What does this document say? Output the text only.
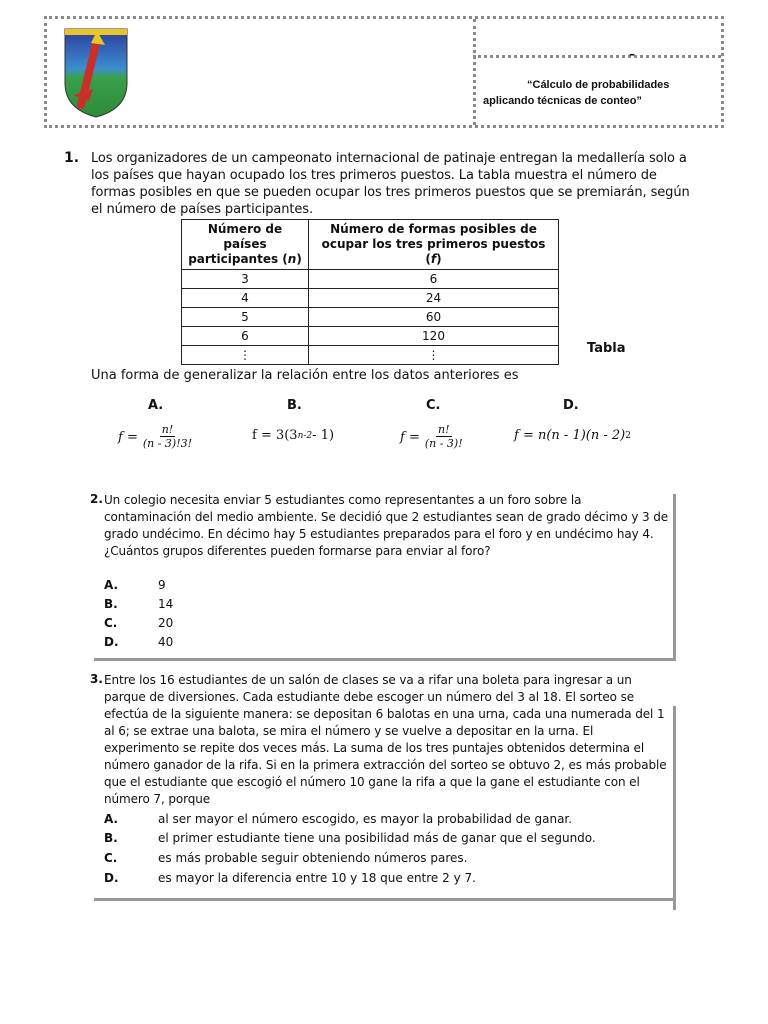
–
“Cálculo de probabilidades
aplicando técnicas de conteo”
1. Los organizadores de un campeonato internacional de patinaje entregan la medallería solo a los países que hayan ocupado los tres primeros puestos. La tabla muestra el número de formas posibles en que se pueden ocupar los tres primeros puestos que se premiarán, según el número de países participantes.
Número de países
participantes (n)	Número de formas posibles de
ocupar los tres primeros puestos (f)
3	6
4	24
5	60
6	120
⋮	⋮	Tabla
Una forma de generalizar la relación entre los datos anteriores es
A.	B.	C.	D.
$f = \frac{n!}{(n - 3)!3!}$	f = 3(3 n-2 - 1)	$f = \frac{n!}{(n - 3)!}$	f = n(n - 1)(n - 2) 2
2. Un colegio necesita enviar 5 estudiantes como representantes a un foro sobre la contaminación del medio ambiente. Se decidió que 2 estudiantes sean de grado décimo y 3 de grado undécimo. En décimo hay 5 estudiantes preparados para el foro y en undécimo hay 4. ¿Cuántos grupos diferentes pueden formarse para enviar al foro?
A.	9
B.	14
C.	20
D.	40
3. Entre los 16 estudiantes de un salón de clases se va a rifar una boleta para ingresar a un parque de diversiones. Cada estudiante debe escoger un número del 3 al 18. El sorteo se efectúa de la siguiente manera: se depositan 6 balotas en una urna, cada una numerada del 1 al 6; se extrae una balota, se mira el número y se vuelve a depositar en la urna. El experimento se repite dos veces más. La suma de los tres puntajes obtenidos determina el número ganador de la rifa. Si en la primera extracción del sorteo se obtuvo 2, es más probable que el estudiante que escogió el número 10 gane la rifa a que la gane el estudiante con el número 7, porque
A.	al ser mayor el número escogido, es mayor la probabilidad de ganar.
B.	el primer estudiante tiene una posibilidad más de ganar que el segundo.
C.	es más probable seguir obteniendo números pares.
D.	es mayor la diferencia entre 10 y 18 que entre 2 y 7.
